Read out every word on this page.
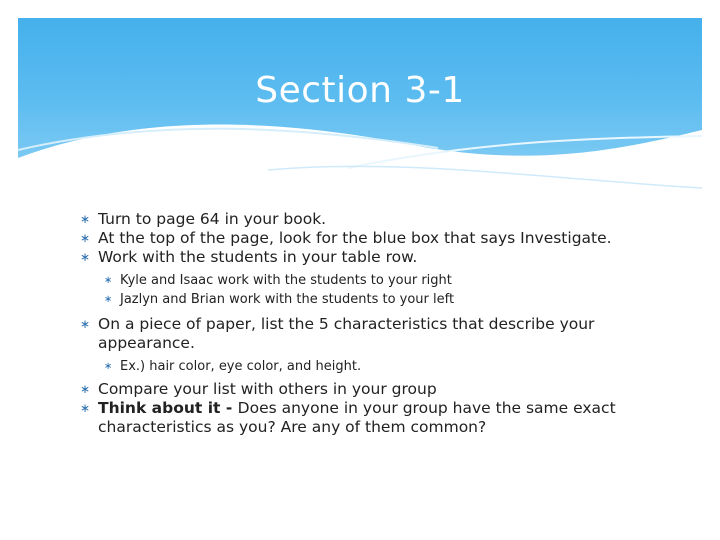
Section 3-1
∗ Turn to page 64 in your book.
∗ At the top of the page, look for the blue box that says Investigate.
∗ Work with the students in your table row.
∗ Kyle and Isaac work with the students to your right
∗ Jazlyn and Brian work with the students to your left
∗ On a piece of paper, list the 5 characteristics that describe your appearance.
∗ Ex.) hair color, eye color, and height.
∗ Compare your list with others in your group
∗ Think about it - Does anyone in your group have the same exact characteristics as you? Are any of them common?
